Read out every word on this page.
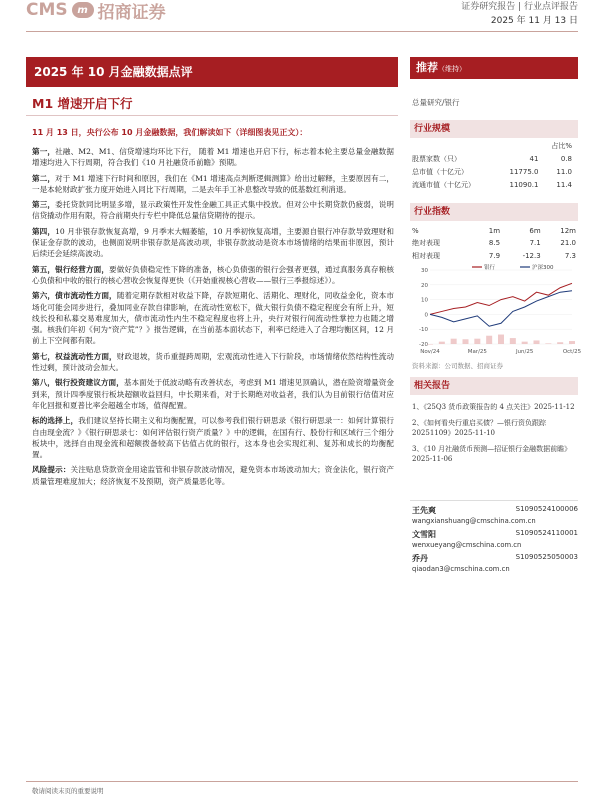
CMS m 招商证券	证券研究报告 | 行业点评报告
2025 年 11 月 13 日
2025 年 10 月金融数据点评
M1 增速开启下行
11 月 13 日，央行公布 10 月金融数据，我们解读如下（详细图表见正文）：

第一，社融、M2、M1、信贷增速均环比下行， 随着 M1 增速也开启下行，标志着本轮主要总量金融数据增速均进入下行周期，符合我们《10 月社融货币前瞻》预期。

第二，对于 M1 增速下行时间和原因，我们在《M1 增速高点判断逻辑测算》给出过解释，主要原因有二，一是本轮财政扩张力度开始进入同比下行周期，二是去年手工补息整改导致的低基数红利消退。

第三，委托贷款同比明显多增，显示政策性开发性金融工具正式集中投放。但对公中长期贷款仍疲弱，说明信贷撬动作用有限，符合前期央行专栏中降低总量信贷期待的提示。

第四，10 月非银存款恢复高增，9 月季末大幅萎缩，10 月季初恢复高增，主要源自银行冲存款导致理财和保证金存款的波动，也侧面说明非银存款是高波动项，非银存款波动是资本市场情绪的结果而非原因，预计后续还会延续高波动。

第五，银行经营方面，要做好负债稳定性下降的准备，核心负债强的银行会强者更强，通过真服务真存粮核心负债和中收的银行的核心营收会恢复得更快（《开始重视核心营收——银行三季报综述》）。

第六，债市流动性方面，随着定期存款相对收益下降，存款短期化、活期化、理财化，同收益金化，资本市场化可能会同步进行，叠加同业存款自律影响，在流动性宽松下，做大银行负债不稳定程度会有所上升，短线长投和私募交易难度加大，债市流动性内生不稳定程度也将上升，央行对银行间流动性掌控力也随之增强。核我们年初《何为“资产荒”？》报告逻辑，在当前基本面状态下，利率已经进入了合理均衡区间，12 月前上下空间都有限。

第七，权益流动性方面，财政退坡，货币重提跨周期，宏观流动性进入下行阶段，市场情绪依然结构性流动性过剩，预计波动会加大。

第八，银行投资建议方面，基本面处于低波动略有改善状态，考虑到 M1 增速见顶确认，潜在险资增量资金到来，预计四季度银行板块超额收益回归，中长期来看，对于长期绝对收益者，我们认为目前银行估值对应年化回报和夏普比率会超越全市场，值得配置。

标的选择上，我们建议坚持长期主义和均衡配置，可以参考我们银行研思录《银行研思录一：如何计算银行自由现金流？》《银行研思录七：如何评估银行资产质量？》中的逻辑，在国有行、股份行和区域行三个细分板块中，选择自由现金流和超额拨备较高下估值占优的银行，这本身也会实现红利、复苏和成长的均衡配置。

风险提示：关注贴息贷款资金用途监管和非银存款波动情况，避免资本市场波动加大；资金法化，银行资产质量管理难度加大；经济恢复不及预期，资产质量恶化等。

推荐（维持）
总量研究/银行
行业规模
		占比%
股票家数（只）	41	0.8
总市值（十亿元）	11775.0	11.0
流通市值（十亿元）	11090.1	11.4
行业指数
%	1m	6m	12m
绝对表现	8.5	7.1	21.0
相对表现	7.9	-12.3	7.3
30
20
10
0
-10
-20
Nov/24	Mar/25	Jun/25	Oct/25
银行	沪深300
资料来源：公司数据、招商证券
相关报告
1、《25Q3 货币政策报告的 4 点关注》2025-11-12
2、《如何看央行重启买债？—银行资负跟踪 20251109》2025-11-10
3、《10 月社融货币预测—招证银行金融数据前瞻》2025-11-06
王先爽	S1090524100006
wangxianshuang@cmschina.com.cn
文雪阳	S1090524110001
wenxueyang@cmschina.com.cn
乔丹	S1090525050003
qiaodan3@cmschina.com.cn
敬请阅读末页的重要说明
